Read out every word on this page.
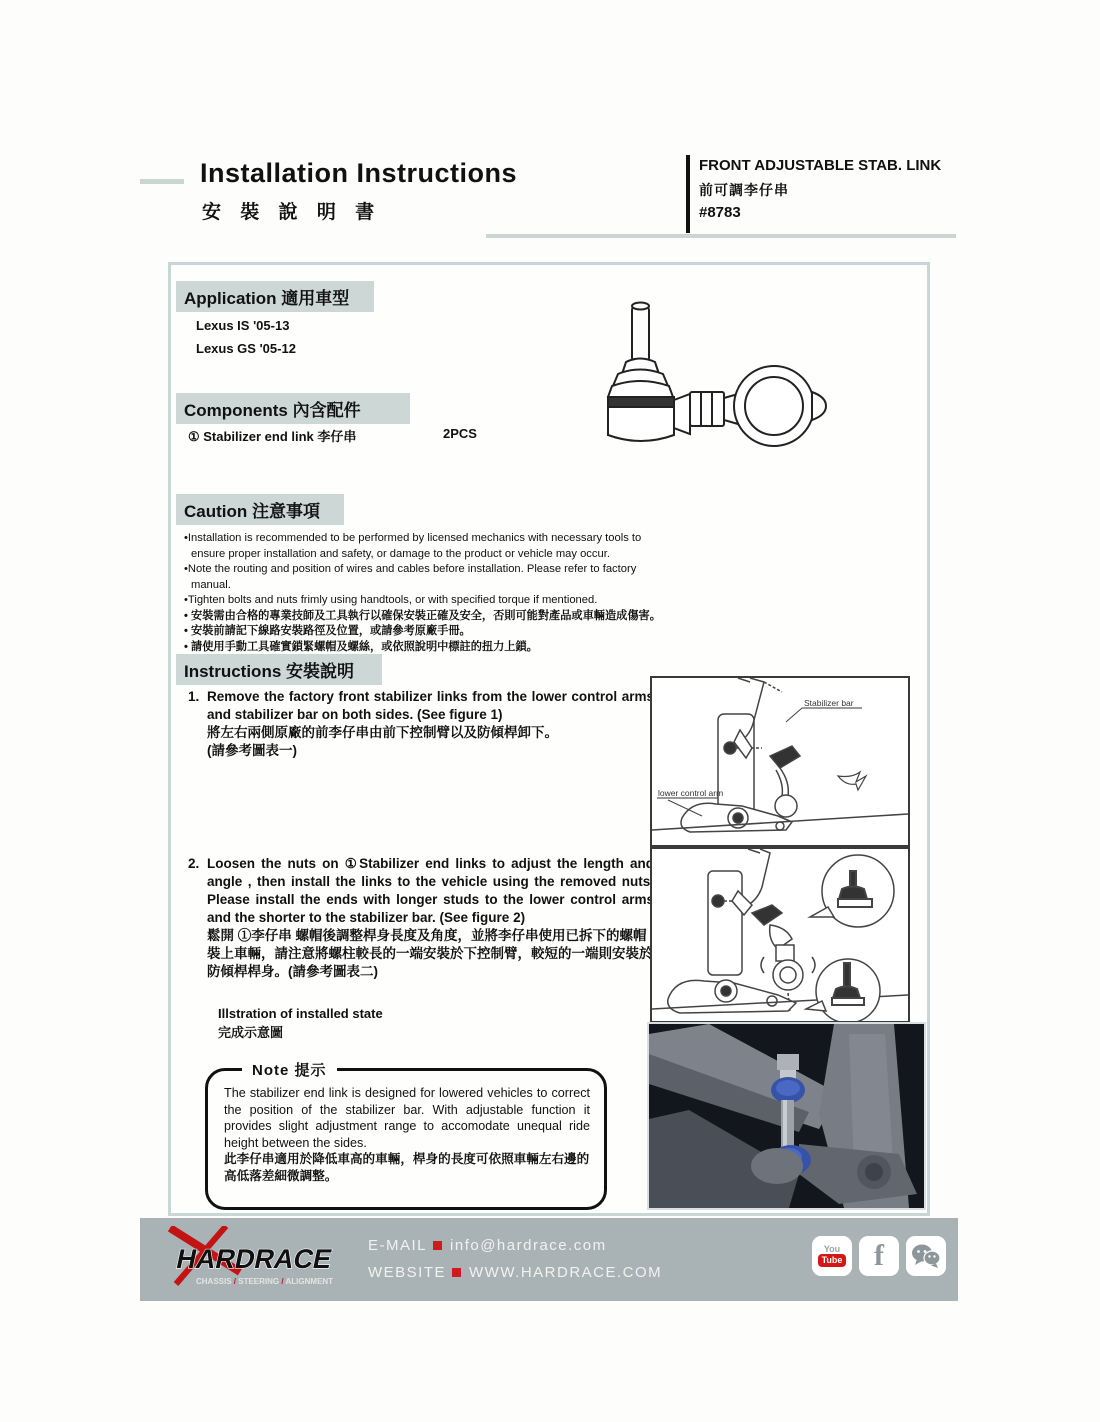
Installation Instructions
安 裝 說 明 書
FRONT ADJUSTABLE STAB. LINK
前可調李仔串
#8783
Application 適用車型
Lexus IS '05-13
Lexus GS '05-12
Components 內含配件
① Stabilizer end link 李仔串	2PCS
Caution 注意事項
•Installation is recommended to be performed by licensed mechanics with necessary tools to ensure proper installation and safety, or damage to the product or vehicle may occur.
•Note the routing and position of wires and cables before installation. Please refer to factory manual.
•Tighten bolts and nuts frimly using handtools, or with specified torque if mentioned.
• 安裝需由合格的專業技師及工具執行以確保安裝正確及安全，否則可能對產品或車輛造成傷害。
• 安裝前請記下線路安裝路徑及位置，或請參考原廠手冊。
• 請使用手動工具確實鎖緊螺帽及螺絲，或依照說明中標註的扭力上鎖。
Instructions 安裝說明
1. Remove the factory front stabilizer links from the lower control arms and stabilizer bar on both sides. (See figure 1)
將左右兩側原廠的前李仔串由前下控制臂以及防傾桿卸下。
(請參考圖表一)
2. Loosen the nuts on ①Stabilizer end links to adjust the length and angle , then install the links to the vehicle using the removed nuts. Please install the ends with longer studs to the lower control arms and the shorter to the stabilizer bar. (See figure 2)
鬆開 ①李仔串 螺帽後調整桿身長度及角度，並將李仔串使用已拆下的螺帽裝上車輛，請注意將螺柱較長的一端安裝於下控制臂，較短的一端則安裝於防傾桿桿身。(請參考圖表二)
Illstration of installed state
完成示意圖
Stabilizer bar
lower control arm
Note 提示
The stabilizer end link is designed for lowered vehicles to correct the position of the stabilizer bar. With adjustable function it provides slight adjustment range to accomodate unequal ride height between the sides.
此李仔串適用於降低車高的車輛，桿身的長度可依照車輛左右邊的高低落差細微調整。
HARDRACE
CHASSIS / STEERING / ALIGNMENT
E-MAIL info@hardrace.com
WEBSITE WWW.HARDRACE.COM
You
Tube f
